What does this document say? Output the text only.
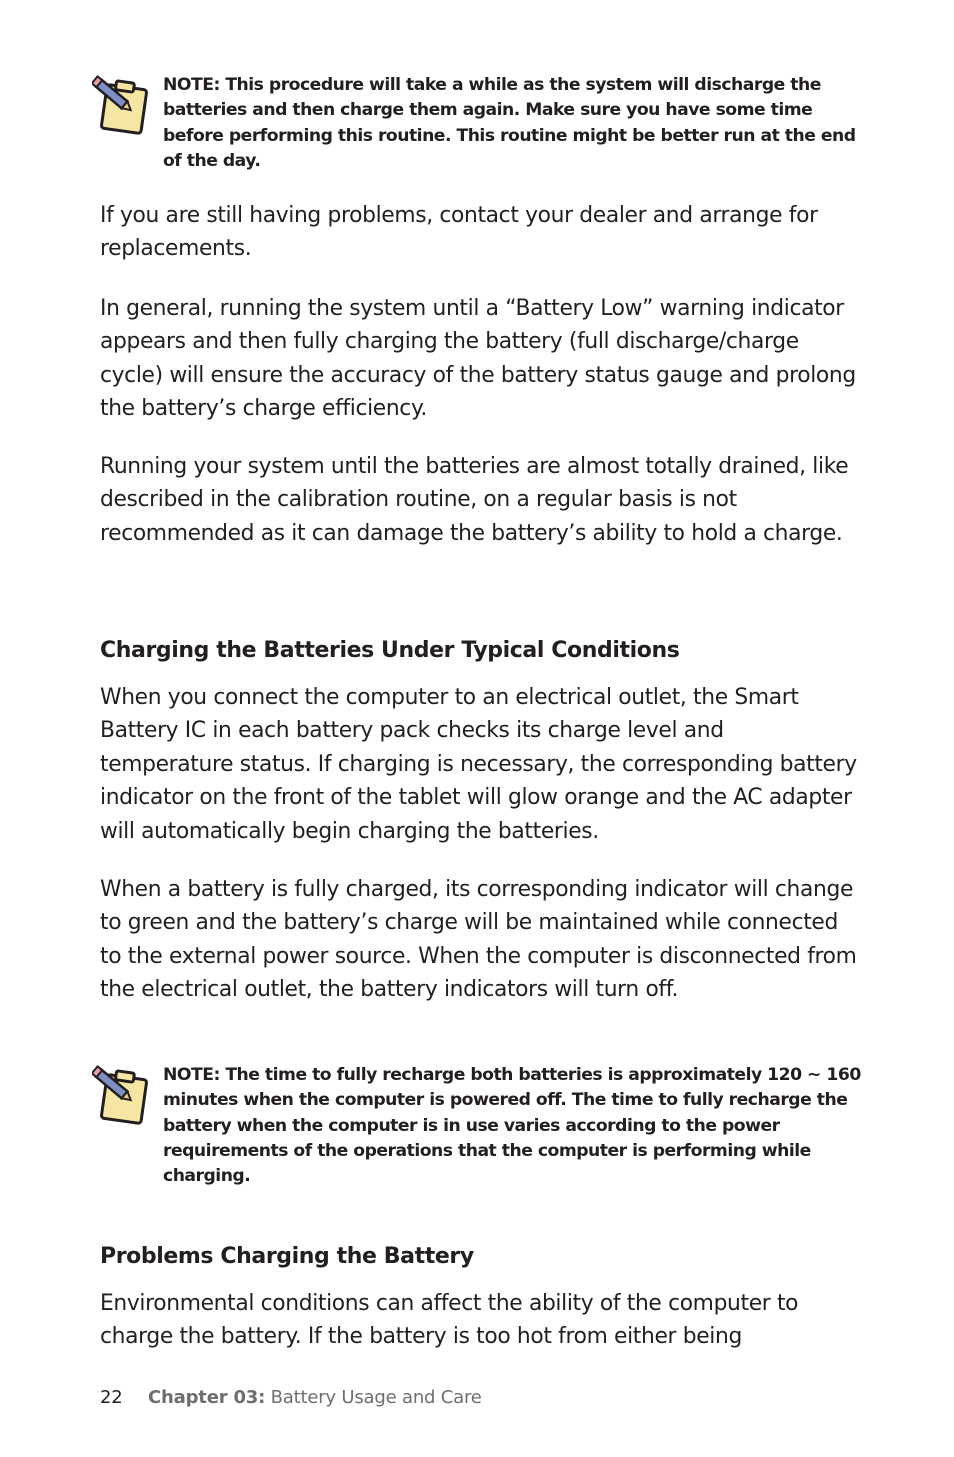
NOTE: This procedure will take a while as the system will discharge the batteries and then charge them again. Make sure you have some time before performing this routine. This routine might be better run at the end of the day.

If you are still having problems, contact your dealer and arrange for replacements.

In general, running the system until a “Battery Low” warning indicator appears and then fully charging the battery (full discharge/charge cycle) will ensure the accuracy of the battery status gauge and prolong the battery’s charge efficiency.

Running your system until the batteries are almost totally drained, like described in the calibration routine, on a regular basis is not recommended as it can damage the battery’s ability to hold a charge.

Charging the Batteries Under Typical Conditions

When you connect the computer to an electrical outlet, the Smart Battery IC in each battery pack checks its charge level and temperature status. If charging is necessary, the corresponding battery indicator on the front of the tablet will glow orange and the AC adapter will automatically begin charging the batteries.

When a battery is fully charged, its corresponding indicator will change to green and the battery’s charge will be maintained while connected to the external power source. When the computer is disconnected from the electrical outlet, the battery indicators will turn off.

NOTE: The time to fully recharge both batteries is approximately 120 ~ 160 minutes when the computer is powered off. The time to fully recharge the battery when the computer is in use varies according to the power requirements of the operations that the computer is performing while charging.
Problems Charging the Battery

Environmental conditions can affect the ability of the computer to charge the battery. If the battery is too hot from either being

22 Chapter 03: Battery Usage and Care
